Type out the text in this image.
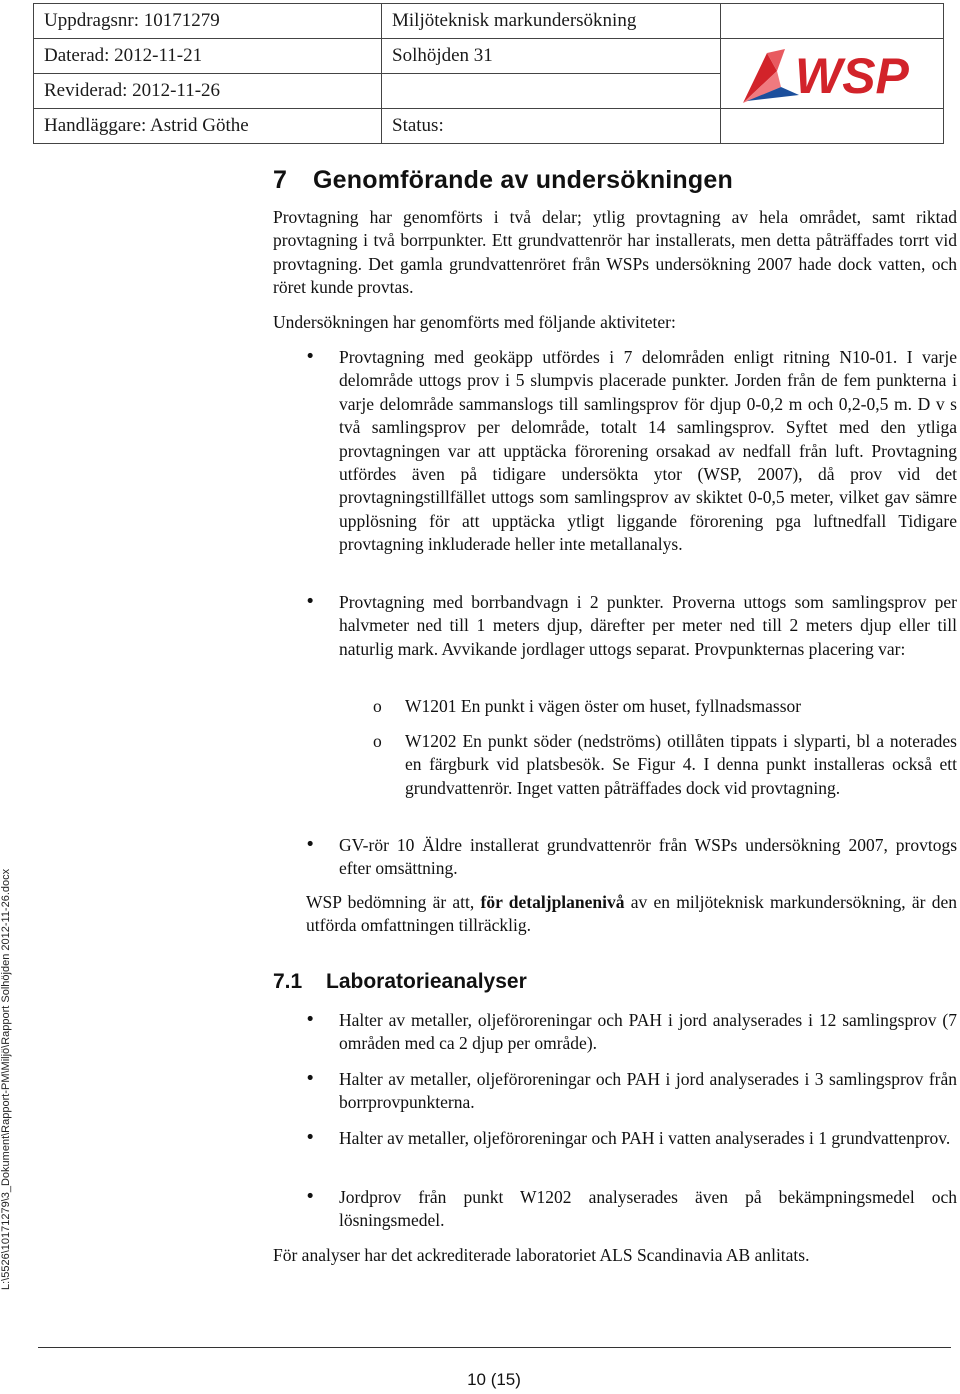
Uppdragsnr: 10171279	Miljöteknisk markundersökning	
Daterad: 2012-11-21	Solhöjden 31	WSP

Reviderad: 2012-11-26		
Handläggare: Astrid Göthe	Status:	
L:\5526\10171279\3_Dokument\Rapport-PM\Miljö\Rapport Solhöjden 2012-11-26.docx
7 Genomförande av undersökningen
Provtagning har genomförts i två delar; ytlig provtagning av hela området, samt riktad provtagning i två borrpunkter. Ett grundvattenrör har installerats, men detta påträffades torrt vid provtagning. Det gamla grundvattenröret från WSPs undersökning 2007 hade dock vatten, och röret kunde provtas.
Undersökningen har genomförts med följande aktiviteter:
• Provtagning med geokäpp utfördes i 7 delområden enligt ritning N10-01. I varje delområde uttogs prov i 5 slumpvis placerade punkter. Jorden från de fem punkterna i varje delområde sammanslogs till samlingsprov för djup 0-0,2 m och 0,2-0,5 m. D v s två samlingsprov per delområde, totalt 14 samlingsprov. Syftet med den ytliga provtagningen var att upptäcka förorening orsakad av nedfall från luft. Provtagning utfördes även på tidigare undersökta ytor (WSP, 2007), då prov vid det provtagningstillfället uttogs som samlingsprov av skiktet 0-0,5 meter, vilket gav sämre upplösning för att upptäcka ytligt liggande förorening pga luftnedfall Tidigare provtagning inkluderade heller inte metallanalys.
• Provtagning med borrbandvagn i 2 punkter. Proverna uttogs som samlingsprov per halvmeter ned till 1 meters djup, därefter per meter ned till 2 meters djup eller till naturlig mark. Avvikande jordlager uttogs separat. Provpunkternas placering var:
o W1201 En punkt i vägen öster om huset, fyllnadsmassor
o W1202 En punkt söder (nedströms) otillåten tippats i slyparti, bl a noterades en färgburk vid platsbesök. Se Figur 4. I denna punkt installeras också ett grundvattenrör. Inget vatten påträffades dock vid provtagning.
• GV-rör 10 Äldre installerat grundvattenrör från WSPs undersökning 2007, provtogs efter omsättning.
WSP bedömning är att, för detaljplanenivå av en miljöteknisk markundersökning, är den utförda omfattningen tillräcklig.
7.1 Laboratorieanalyser
• Halter av metaller, oljeföroreningar och PAH i jord analyserades i 12 samlingsprov (7 områden med ca 2 djup per område).
• Halter av metaller, oljeföroreningar och PAH i jord analyserades i 3 samlingsprov från borrprovpunkterna.
• Halter av metaller, oljeföroreningar och PAH i vatten analyserades i 1 grundvattenprov.
• Jordprov från punkt W1202 analyserades även på bekämpningsmedel och lösningsmedel.
För analyser har det ackrediterade laboratoriet ALS Scandinavia AB anlitats.
10 (15)
